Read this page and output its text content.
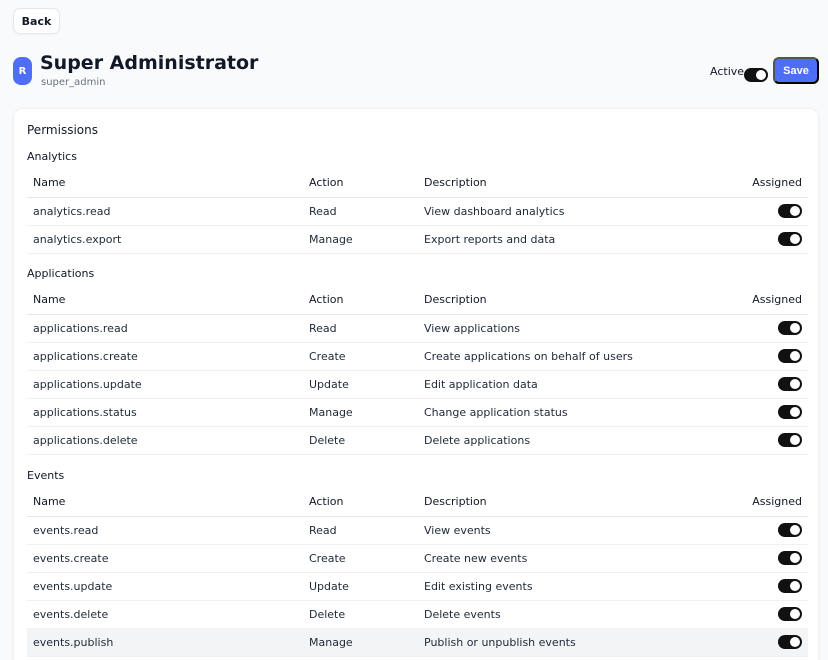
Back
R Super Administrator
super_admin
Active	Save
Permissions
Analytics
Name	Action	Description	Assigned
analytics.read	Read	View dashboard analytics	

analytics.export	Manage	Export reports and data	
Applications
Name	Action	Description	Assigned
applications.read	Read	View applications	

applications.create	Create	Create applications on behalf of users	

applications.update	Update	Edit application data	

applications.status	Manage	Change application status	

applications.delete	Delete	Delete applications	
Events
Name	Action	Description	Assigned
events.read	Read	View events	

events.create	Create	Create new events	

events.update	Update	Edit existing events	

events.delete	Delete	Delete events	

events.publish	Manage	Publish or unpublish events	
